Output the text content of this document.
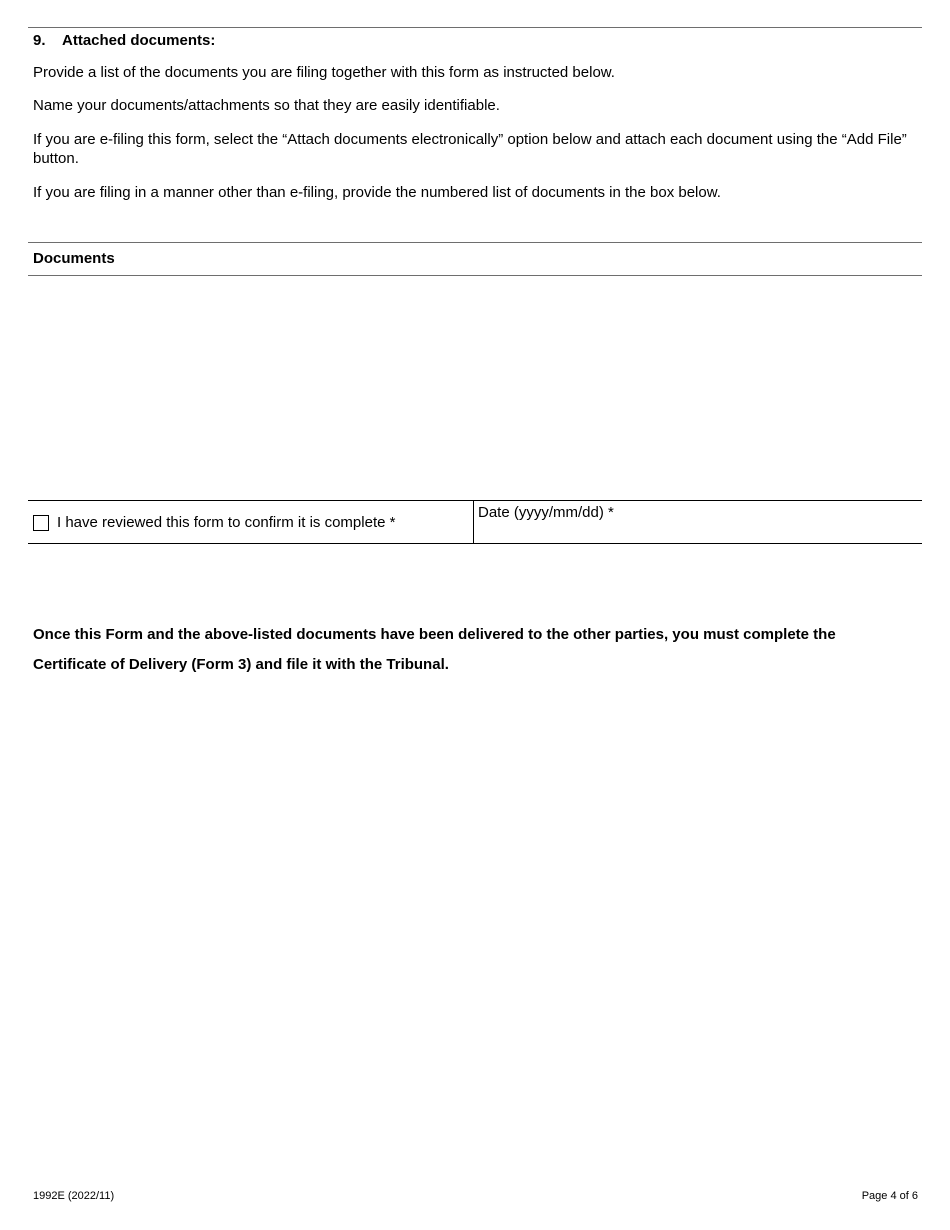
9. Attached documents:
Provide a list of the documents you are filing together with this form as instructed below.
Name your documents/attachments so that they are easily identifiable.
If you are e-filing this form, select the “Attach documents electronically” option below and attach each document using the “Add File” button.
If you are filing in a manner other than e-filing, provide the numbered list of documents in the box below.
Documents
I have reviewed this form to confirm it is complete *
Date (yyyy/mm/dd) *
Once this Form and the above-listed documents have been delivered to the other parties, you must complete the Certificate of Delivery (Form 3) and file it with the Tribunal.
1992E (2022/11)	Page 4 of 6
